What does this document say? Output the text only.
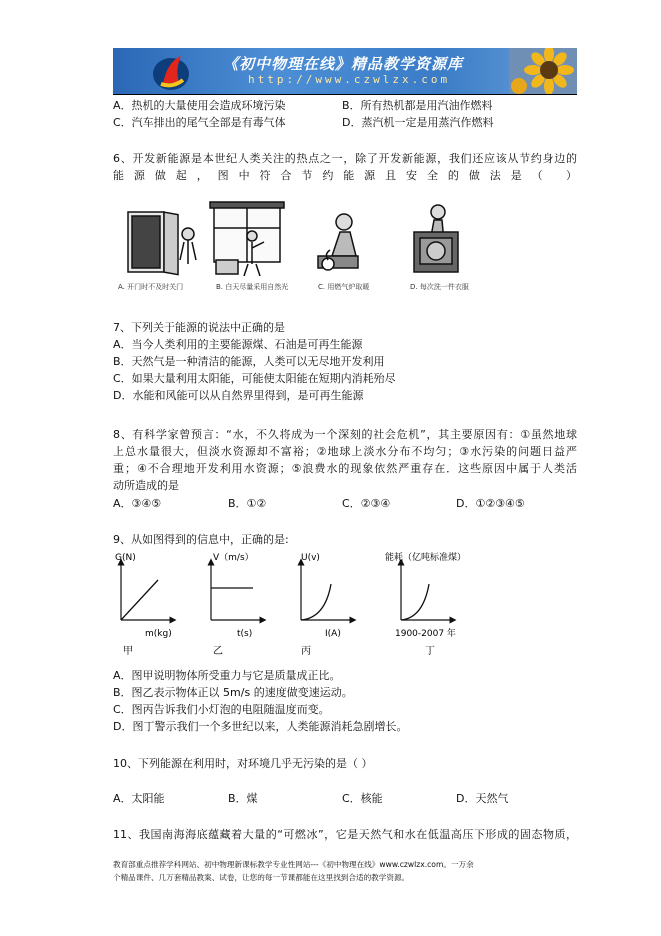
《初中物理在线》精品教学资源库
http://www.czwlzx.com
A．热机的大量使用会造成环境污染	B．所有热机都是用汽油作燃料
C．汽车排出的尾气全部是有毒气体	D．蒸汽机一定是用蒸汽作燃料
6、开发新能源是本世纪人类关注的热点之一，除了开发新能源，我们还应该从节约身边的
能源做起，图中符合节约能源且安全的做法是（ ）
A. 开门时不及时关门	B. 白天尽量采用自然光	C. 用燃气炉取暖	D. 每次洗一件衣服
7、下列关于能源的说法中正确的是
A．当今人类利用的主要能源煤、石油是可再生能源
B．天然气是一种清洁的能源，人类可以无尽地开发利用
C．如果大量利用太阳能，可能使太阳能在短期内消耗殆尽
D．水能和风能可以从自然界里得到，是可再生能源
8、有科学家曾预言：“水，不久将成为一个深刻的社会危机”，其主要原因有：①虽然地球
上总水量很大，但淡水资源却不富裕；②地球上淡水分布不均匀；③水污染的问题日益严
重；④不合理地开发利用水资源；⑤浪费水的现象依然严重存在．这些原因中属于人类活
动所造成的是
A．③④⑤	B．①②	C．②③④	D．①②③④⑤
9、从如图得到的信息中，正确的是:
G(N)
m(kg)
甲
V（m/s）
t(s)
乙
U(v)
I(A)
丙
能耗（亿吨标准煤）
1900-2007 年
丁
A．图甲说明物体所受重力与它是质量成正比。
B．图乙表示物体正以 5m/s 的速度做变速运动。
C．图丙告诉我们小灯泡的电阻随温度而变。
D．图丁警示我们一个多世纪以来，人类能源消耗急剧增长。
10、下列能源在利用时，对环境几乎无污染的是（ ）
A．太阳能	B．煤	C．核能	D．天然气
11、我国南海海底蕴藏着大量的“可燃冰”，它是天然气和水在低温高压下形成的固态物质，
教育部重点推荐学科网站、初中物理新课标教学专业性网站---《初中物理在线》www.czwlzx.com。一万余
个精品课件、几万套精品教案、试卷，让您的每一节课都能在这里找到合适的教学资源。
